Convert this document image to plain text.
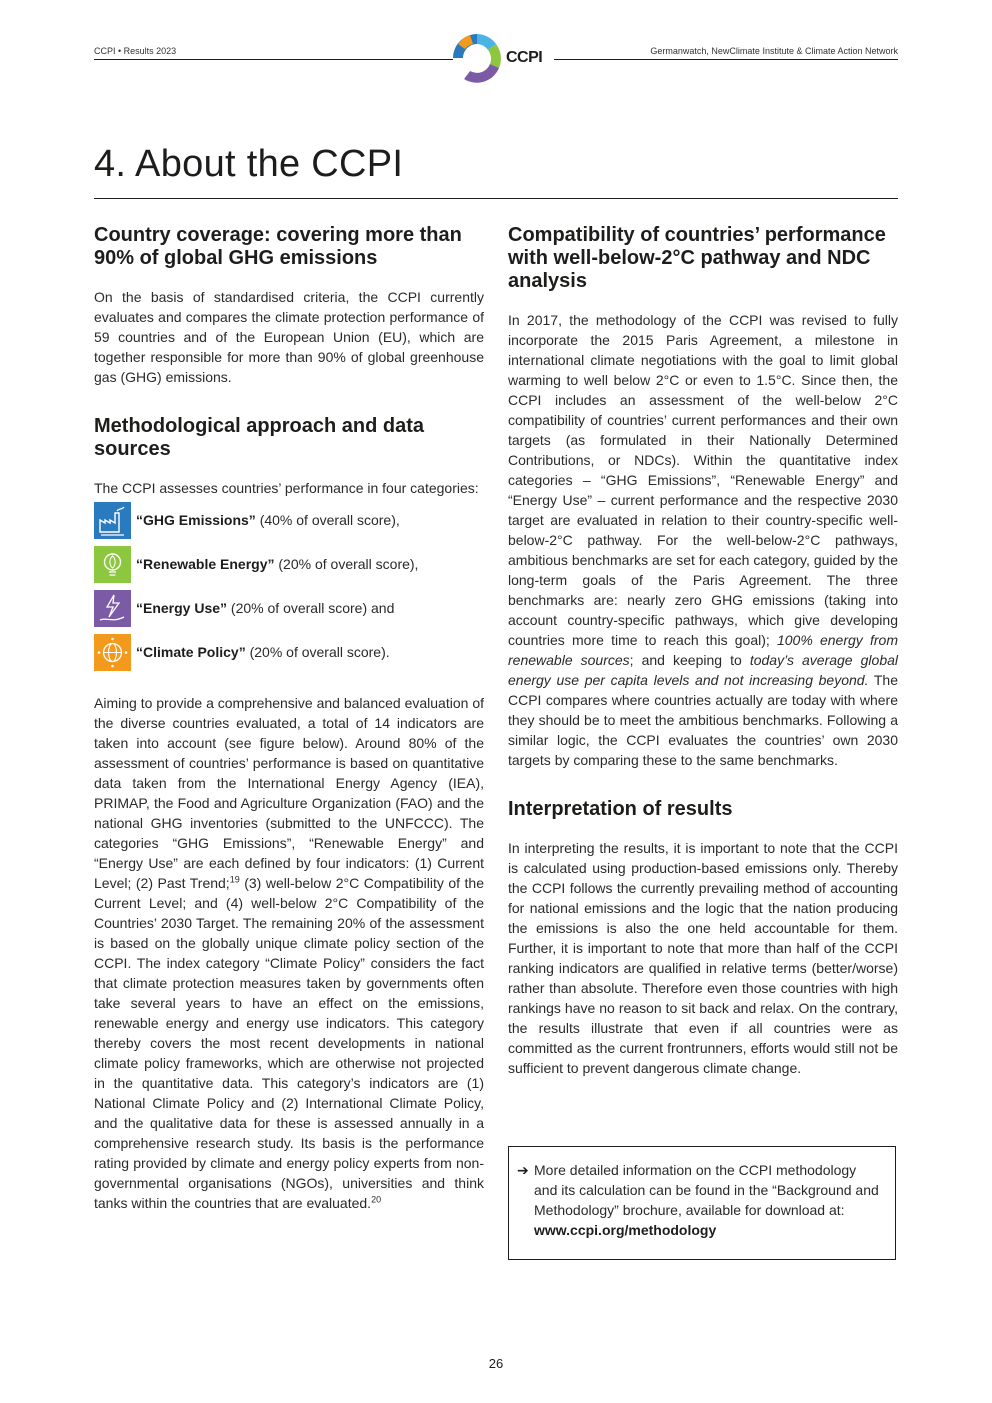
CCPI • Results 2023	CCPI	Germanwatch, NewClimate Institute & Climate Action Network
4. About the CCPI
Country coverage: covering more than 90% of global GHG emissions

On the basis of standardised criteria, the CCPI currently evaluates and compares the climate protection performance of 59 countries and of the European Union (EU), which are together responsible for more than 90% of global greenhouse gas (GHG) emissions.

Methodological approach and data sources

The CCPI assesses countries’ performance in four categories:

“GHG Emissions” (40% of overall score),
“Renewable Energy” (20% of overall score),
“Energy Use” (20% of overall score) and
“Climate Policy” (20% of overall score).

Aiming to provide a comprehensive and balanced evaluation of the diverse countries evaluated, a total of 14 indicators are taken into account (see figure below). Around 80% of the assessment of countries’ performance is based on quantitative data taken from the International Energy Agency (IEA), PRIMAP, the Food and Agriculture Organization (FAO) and the national GHG inventories (submitted to the UNFCCC). The categories “GHG Emissions”, “Renewable Energy” and “Energy Use” are each defined by four indicators: (1) Current Level; (2) Past Trend;$^{19}$ (3) well-below 2°C Compatibility of the Current Level; and (4) well-below 2°C Compatibility of the Countries’ 2030 Target. The remaining 20% of the assessment is based on the globally unique climate policy section of the CCPI. The index category “Climate Policy” considers the fact that climate protection measures taken by governments often take several years to have an effect on the emissions, renewable energy and energy use indicators. This category thereby covers the most recent developments in national climate policy frameworks, which are otherwise not projected in the quantitative data. This category’s indicators are (1) National Climate Policy and (2) International Climate Policy, and the qualitative data for these is assessed annually in a comprehensive research study. Its basis is the performance rating provided by climate and energy policy experts from non-governmental organisations (NGOs), universities and think tanks within the countries that are evaluated.$^{20}$

Compatibility of countries’ performance with well-below-2°C pathway and NDC analysis

In 2017, the methodology of the CCPI was revised to fully incorporate the 2015 Paris Agreement, a milestone in international climate negotiations with the goal to limit global warming to well below 2°C or even to 1.5°C. Since then, the CCPI includes an assessment of the well-below 2°C compatibility of countries’ current performances and their own targets (as formulated in their Nationally Determined Contributions, or NDCs). Within the quantitative index categories – “GHG Emissions”, “Renewable Energy” and “Energy Use” – current performance and the respective 2030 target are evaluated in relation to their country-specific well-below-2°C pathway. For the well-below-2°C pathways, ambitious benchmarks are set for each category, guided by the long-term goals of the Paris Agreement. The three benchmarks are: nearly zero GHG emissions (taking into account country-specific pathways, which give developing countries more time to reach this goal); 100% energy from renewable sources; and keeping to today’s average global energy use per capita levels and not increasing beyond. The CCPI compares where countries actually are today with where they should be to meet the ambitious benchmarks. Following a similar logic, the CCPI evaluates the countries’ own 2030 targets by comparing these to the same benchmarks.

Interpretation of results

In interpreting the results, it is important to note that the CCPI is calculated using production-based emissions only. Thereby the CCPI follows the currently prevailing method of accounting for national emissions and the logic that the nation producing the emissions is also the one held accountable for them. Further, it is important to note that more than half of the CCPI ranking indicators are qualified in relative terms (better/worse) rather than absolute. Therefore even those countries with high rankings have no reason to sit back and relax. On the contrary, the results illustrate that even if all countries were as committed as the current frontrunners, efforts would still not be sufficient to prevent dangerous climate change.

➔ More detailed information on the CCPI methodology and its calculation can be found in the “Background and Methodology” brochure, available for download at: www.ccpi.org/methodology
26
